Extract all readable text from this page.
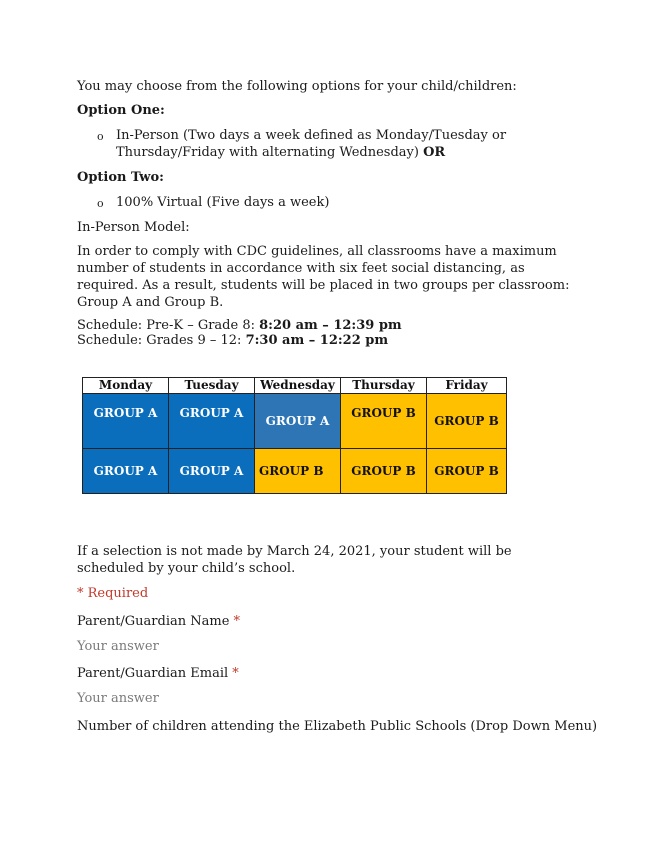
You may choose from the following options for your child/children:
Option One:
o In-Person (Two days a week defined as Monday/Tuesday or
Thursday/Friday with alternating Wednesday) OR
Option Two:
o 100% Virtual (Five days a week)
In-Person Model:
In order to comply with CDC guidelines, all classrooms have a maximum number of students in accordance with six feet social distancing, as required. As a result, students will be placed in two groups per classroom: Group A and Group B.
Schedule: Pre-K – Grade 8: 8:20 am – 12:39 pm
Schedule: Grades 9 – 12: 7:30 am – 12:22 pm
Monday	Tuesday	Wednesday	Thursday	Friday

GROUP A	GROUP A	GROUP A	GROUP B	GROUP B

GROUP A	GROUP A	GROUP B	GROUP B	GROUP B
If a selection is not made by March 24, 2021, your student will be scheduled by your child’s school.
* Required
Parent/Guardian Name *
Your answer
Parent/Guardian Email *
Your answer
Number of children attending the Elizabeth Public Schools (Drop Down Menu)
